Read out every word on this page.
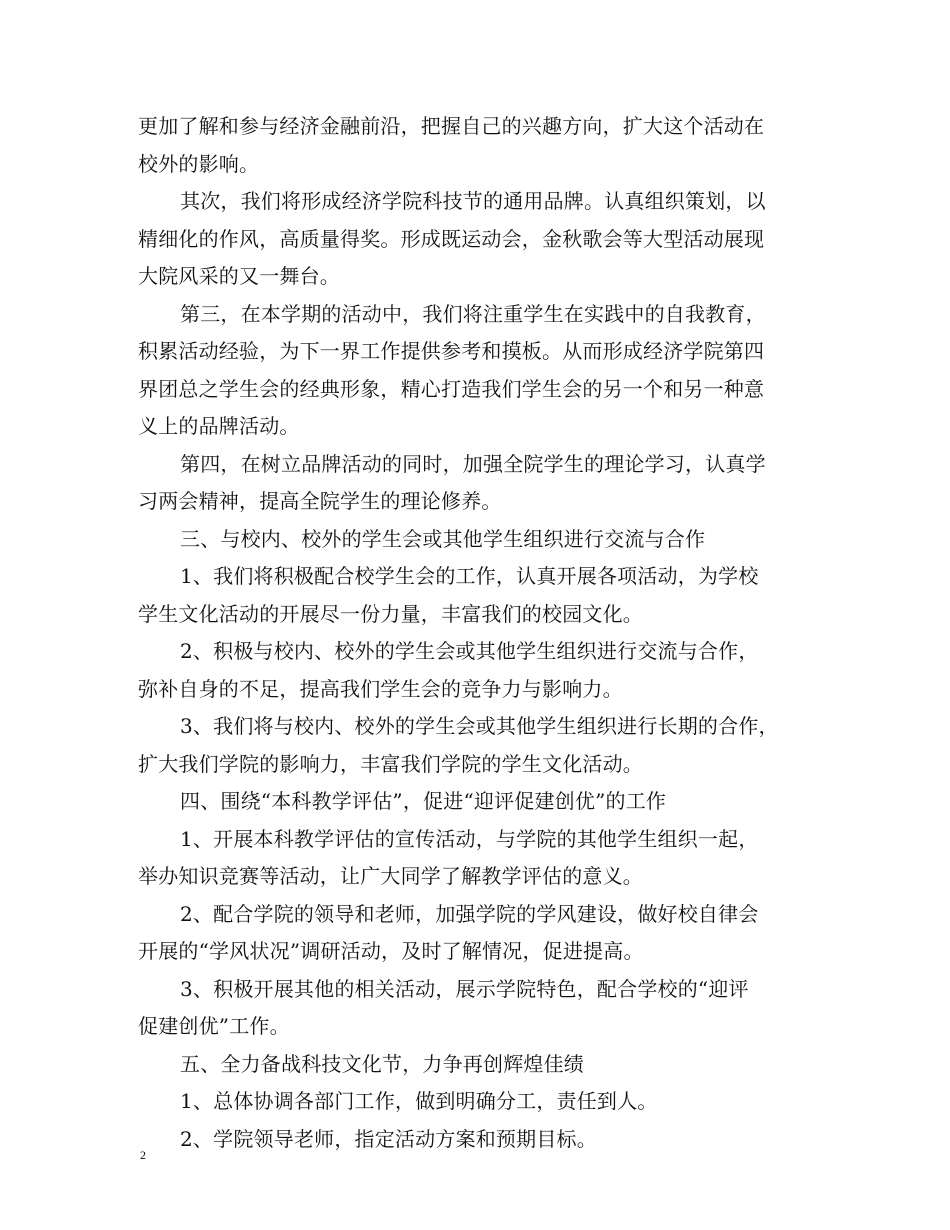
更加了解和参与经济金融前沿，把握自己的兴趣方向，扩大这个活动在
校外的影响。
其次，我们将形成经济学院科技节的通用品牌。认真组织策划，以
精细化的作风，高质量得奖。形成既运动会，金秋歌会等大型活动展现
大院风采的又一舞台。
第三，在本学期的活动中，我们将注重学生在实践中的自我教育，
积累活动经验，为下一界工作提供参考和摸板。从而形成经济学院第四
界团总之学生会的经典形象，精心打造我们学生会的另一个和另一种意
义上的品牌活动。
第四，在树立品牌活动的同时，加强全院学生的理论学习，认真学
习两会精神，提高全院学生的理论修养。
三、与校内、校外的学生会或其他学生组织进行交流与合作
1、我们将积极配合校学生会的工作，认真开展各项活动，为学校
学生文化活动的开展尽一份力量，丰富我们的校园文化。
2、积极与校内、校外的学生会或其他学生组织进行交流与合作，
弥补自身的不足，提高我们学生会的竞争力与影响力。
3、我们将与校内、校外的学生会或其他学生组织进行长期的合作，
扩大我们学院的影响力，丰富我们学院的学生文化活动。
四、围绕“本科教学评估”，促进“迎评促建创优”的工作
1、开展本科教学评估的宣传活动，与学院的其他学生组织一起，
举办知识竞赛等活动，让广大同学了解教学评估的意义。
2、配合学院的领导和老师，加强学院的学风建设，做好校自律会
开展的“学风状况”调研活动，及时了解情况，促进提高。
3、积极开展其他的相关活动，展示学院特色，配合学校的“迎评
促建创优”工作。
五、全力备战科技文化节，力争再创辉煌佳绩
1、总体协调各部门工作，做到明确分工，责任到人。
2、学院领导老师，指定活动方案和预期目标。
2
